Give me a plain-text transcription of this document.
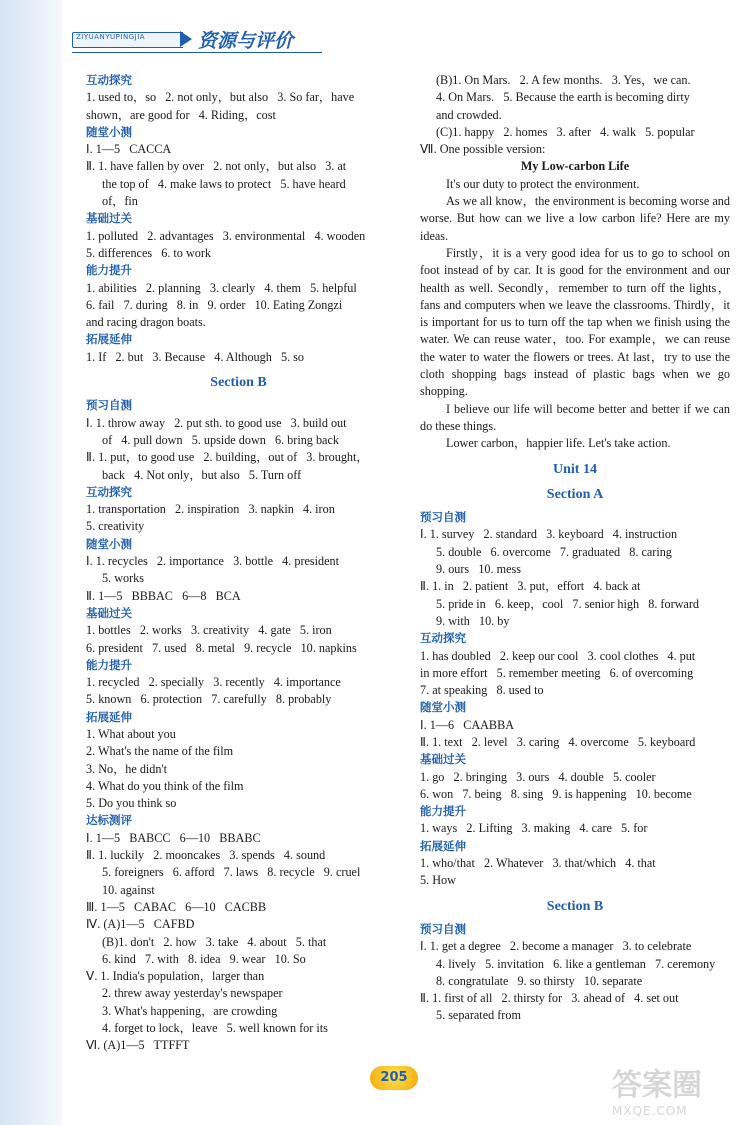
ZIYUANYUPINGJIA	资源与评价
互动探究
1. used to，so   2. not only，but also   3. So far，have
shown，are good for   4. Riding，cost
随堂小测
Ⅰ. 1—5   CACCA
Ⅱ. 1. have fallen by over   2. not only，but also   3. at
the top of   4. make laws to protect   5. have heard
of，fin
基础过关
1. polluted   2. advantages   3. environmental   4. wooden
5. differences   6. to work
能力提升
1. abilities   2. planning   3. clearly   4. them   5. helpful
6. fail   7. during   8. in   9. order   10. Eating Zongzi
and racing dragon boats.
拓展延伸
1. If   2. but   3. Because   4. Although   5. so
Section B
预习自测
Ⅰ. 1. throw away   2. put sth. to good use   3. build out
of   4. pull down   5. upside down   6. bring back
Ⅱ. 1. put，to good use   2. building，out of   3. brought，
back   4. Not only，but also   5. Turn off
互动探究
1. transportation   2. inspiration   3. napkin   4. iron
5. creativity
随堂小测
Ⅰ. 1. recycles   2. importance   3. bottle   4. president
5. works
Ⅱ. 1—5   BBBAC   6—8   BCA
基础过关
1. bottles   2. works   3. creativity   4. gate   5. iron
6. president   7. used   8. metal   9. recycle   10. napkins
能力提升
1. recycled   2. specially   3. recently   4. importance
5. known   6. protection   7. carefully   8. probably
拓展延伸
1. What about you
2. What's the name of the film
3. No，he didn't
4. What do you think of the film
5. Do you think so
达标测评
Ⅰ. 1—5   BABCC   6—10   BBABC
Ⅱ. 1. luckily   2. mooncakes   3. spends   4. sound
5. foreigners   6. afford   7. laws   8. recycle   9. cruel
10. against
Ⅲ. 1—5   CABAC   6—10   CACBB
Ⅳ. (A)1—5   CAFBD
(B)1. don't   2. how   3. take   4. about   5. that
6. kind   7. with   8. idea   9. wear   10. So
Ⅴ. 1. India's population，larger than
2. threw away yesterday's newspaper
3. What's happening，are crowding
4. forget to lock，leave   5. well known for its
Ⅵ. (A)1—5   TTFFT
(B)1. On Mars.   2. A few months.   3. Yes，we can.
4. On Mars.   5. Because the earth is becoming dirty
and crowded.
(C)1. happy   2. homes   3. after   4. walk   5. popular
Ⅶ. One possible version:
My Low-carbon Life
It's our duty to protect the environment.
As we all know，the environment is becoming worse and worse. But how can we live a low carbon life? Here are my ideas.
Firstly，it is a very good idea for us to go to school on foot instead of by car. It is good for the environment and our health as well. Secondly，remember to turn off the lights，fans and computers when we leave the classrooms. Thirdly，it is important for us to turn off the tap when we finish using the water. We can reuse water，too. For example，we can reuse the water to water the flowers or trees. At last，try to use the cloth shopping bags instead of plastic bags when we go shopping.
I believe our life will become better and better if we can do these things.
Lower carbon，happier life. Let's take action.
Unit 14
Section A
预习自测
Ⅰ. 1. survey   2. standard   3. keyboard   4. instruction
5. double   6. overcome   7. graduated   8. caring
9. ours   10. mess
Ⅱ. 1. in   2. patient   3. put，effort   4. back at
5. pride in   6. keep，cool   7. senior high   8. forward
9. with   10. by
互动探究
1. has doubled   2. keep our cool   3. cool clothes   4. put
in more effort   5. remember meeting   6. of overcoming
7. at speaking   8. used to
随堂小测
Ⅰ. 1—6   CAABBA
Ⅱ. 1. text   2. level   3. caring   4. overcome   5. keyboard
基础过关
1. go   2. bringing   3. ours   4. double   5. cooler
6. won   7. being   8. sing   9. is happening   10. become
能力提升
1. ways   2. Lifting   3. making   4. care   5. for
拓展延伸
1. who/that   2. Whatever   3. that/which   4. that
5. How
Section B
预习自测
Ⅰ. 1. get a degree   2. become a manager   3. to celebrate
4. lively   5. invitation   6. like a gentleman   7. ceremony
8. congratulate   9. so thirsty   10. separate
Ⅱ. 1. first of all   2. thirsty for   3. ahead of   4. set out
5. separated from
205	答案圈
MXQE.COM
